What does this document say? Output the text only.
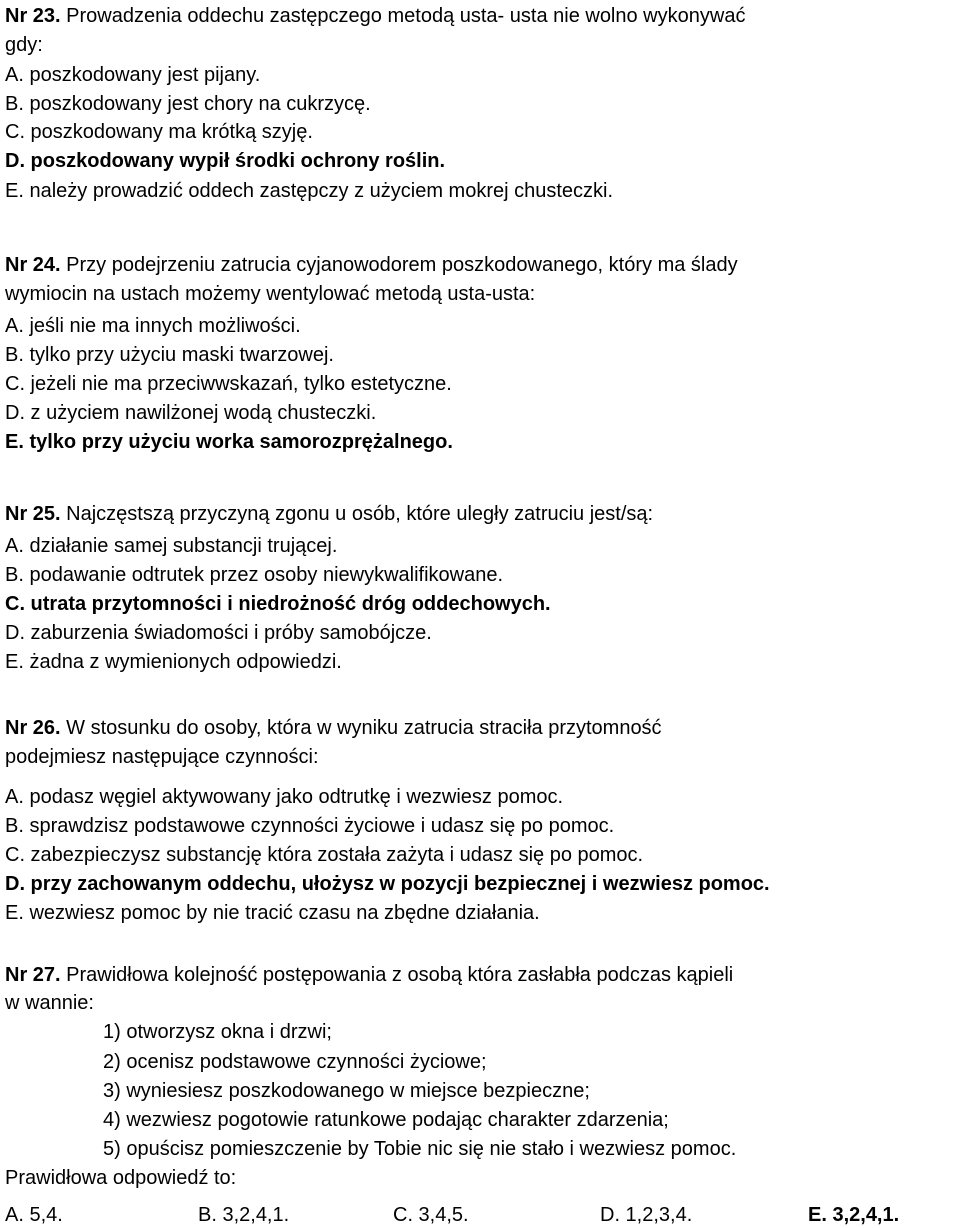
Nr 23. Prowadzenia oddechu zastępczego metodą usta- usta nie wolno wykonywać
gdy:
A. poszkodowany jest pijany.
B. poszkodowany jest chory na cukrzycę.
C. poszkodowany ma krótką szyję.
D. poszkodowany wypił środki ochrony roślin.
E. należy prowadzić oddech zastępczy z użyciem mokrej chusteczki.
Nr 24. Przy podejrzeniu zatrucia cyjanowodorem poszkodowanego, który ma ślady
wymiocin na ustach możemy wentylować metodą usta-usta:
A. jeśli nie ma innych możliwości.
B. tylko przy użyciu maski twarzowej.
C. jeżeli nie ma przeciwwskazań, tylko estetyczne.
D. z użyciem nawilżonej wodą chusteczki.
E. tylko przy użyciu worka samorozprężalnego.
Nr 25. Najczęstszą przyczyną zgonu u osób, które uległy zatruciu jest/są:
A. działanie samej substancji trującej.
B. podawanie odtrutek przez osoby niewykwalifikowane.
C. utrata przytomności i niedrożność dróg oddechowych.
D. zaburzenia świadomości i próby samobójcze.
E. żadna z wymienionych odpowiedzi.
Nr 26. W stosunku do osoby, która w wyniku zatrucia straciła przytomność
podejmiesz następujące czynności:
A. podasz węgiel aktywowany jako odtrutkę i wezwiesz pomoc.
B. sprawdzisz podstawowe czynności życiowe i udasz się po pomoc.
C. zabezpieczysz substancję która została zażyta i udasz się po pomoc.
D. przy zachowanym oddechu, ułożysz w pozycji bezpiecznej i wezwiesz pomoc.
E. wezwiesz pomoc by nie tracić czasu na zbędne działania.
Nr 27. Prawidłowa kolejność postępowania z osobą która zasłabła podczas kąpieli
w wannie:
1) otworzysz okna i drzwi;
2) ocenisz podstawowe czynności życiowe;
3) wyniesiesz poszkodowanego w miejsce bezpieczne;
4) wezwiesz pogotowie ratunkowe podając charakter zdarzenia;
5) opuścisz pomieszczenie by Tobie nic się nie stało i wezwiesz pomoc.
Prawidłowa odpowiedź to:
A. 5,4.	B. 3,2,4,1.	C. 3,4,5.	D. 1,2,3,4.	E. 3,2,4,1.
